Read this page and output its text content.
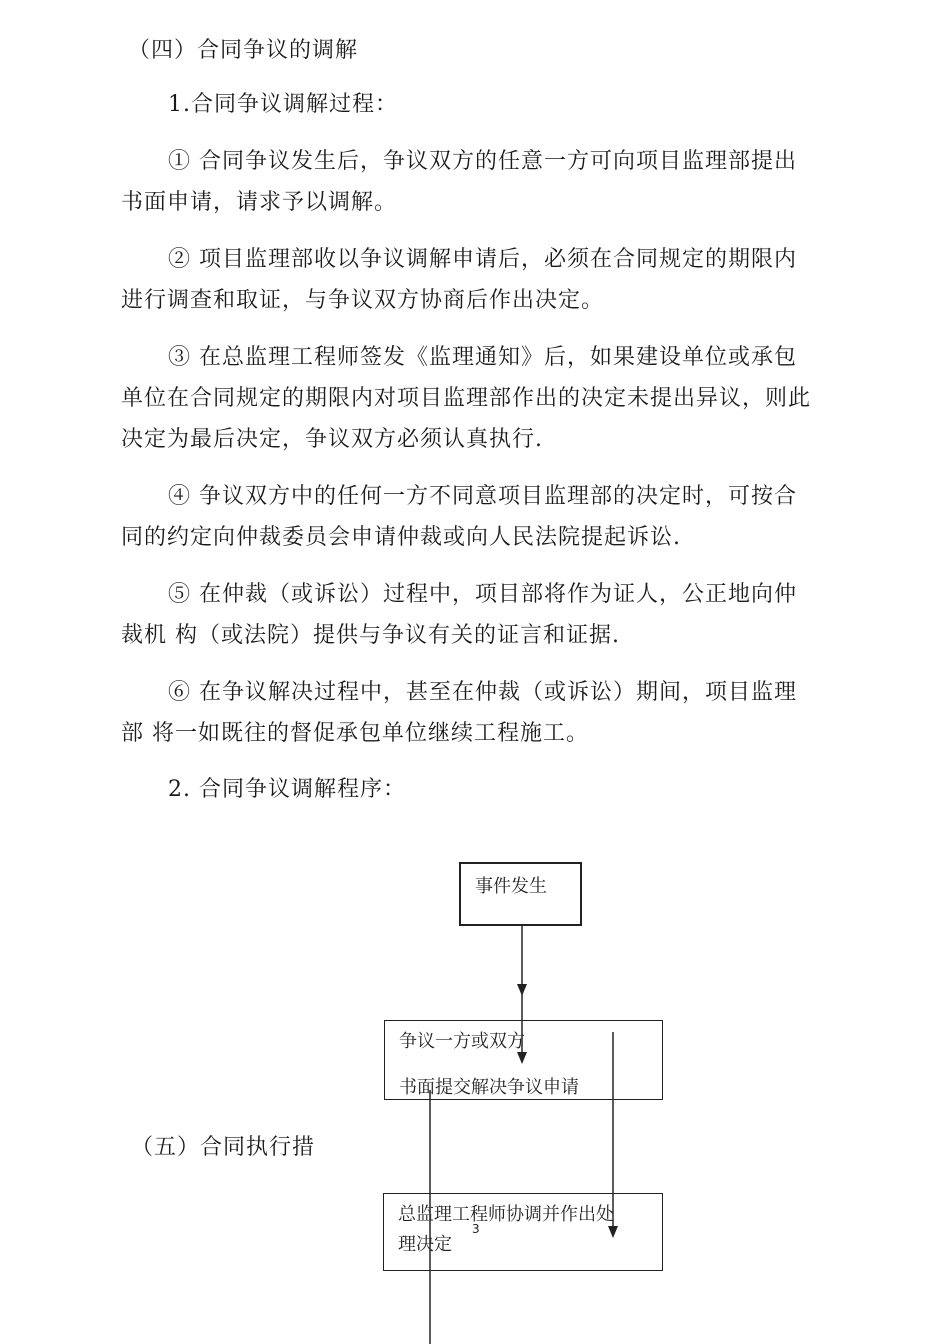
（四）合同争议的调解
1.合同争议调解过程：
① 合同争议发生后，争议双方的任意一方可向项目监理部提出
书面申请，请求予以调解。
② 项目监理部收以争议调解申请后，必须在合同规定的期限内
进行调查和取证，与争议双方协商后作出决定。
③ 在总监理工程师签发《监理通知》后，如果建设单位或承包
单位在合同规定的期限内对项目监理部作出的决定未提出异议，则此
决定为最后决定，争议双方必须认真执行.
④ 争议双方中的任何一方不同意项目监理部的决定时，可按合
同的约定向仲裁委员会申请仲裁或向人民法院提起诉讼.
⑤ 在仲裁（或诉讼）过程中，项目部将作为证人，公正地向仲
裁机 构（或法院）提供与争议有关的证言和证据.
⑥ 在争议解决过程中，甚至在仲裁（或诉讼）期间，项目监理
部 将一如既往的督促承包单位继续工程施工。
2. 合同争议调解程序：
事件发生
争议一方或双方
书面提交解决争议申请
（五）合同执行措
总监理工程师协调并作出处
理决定
3
